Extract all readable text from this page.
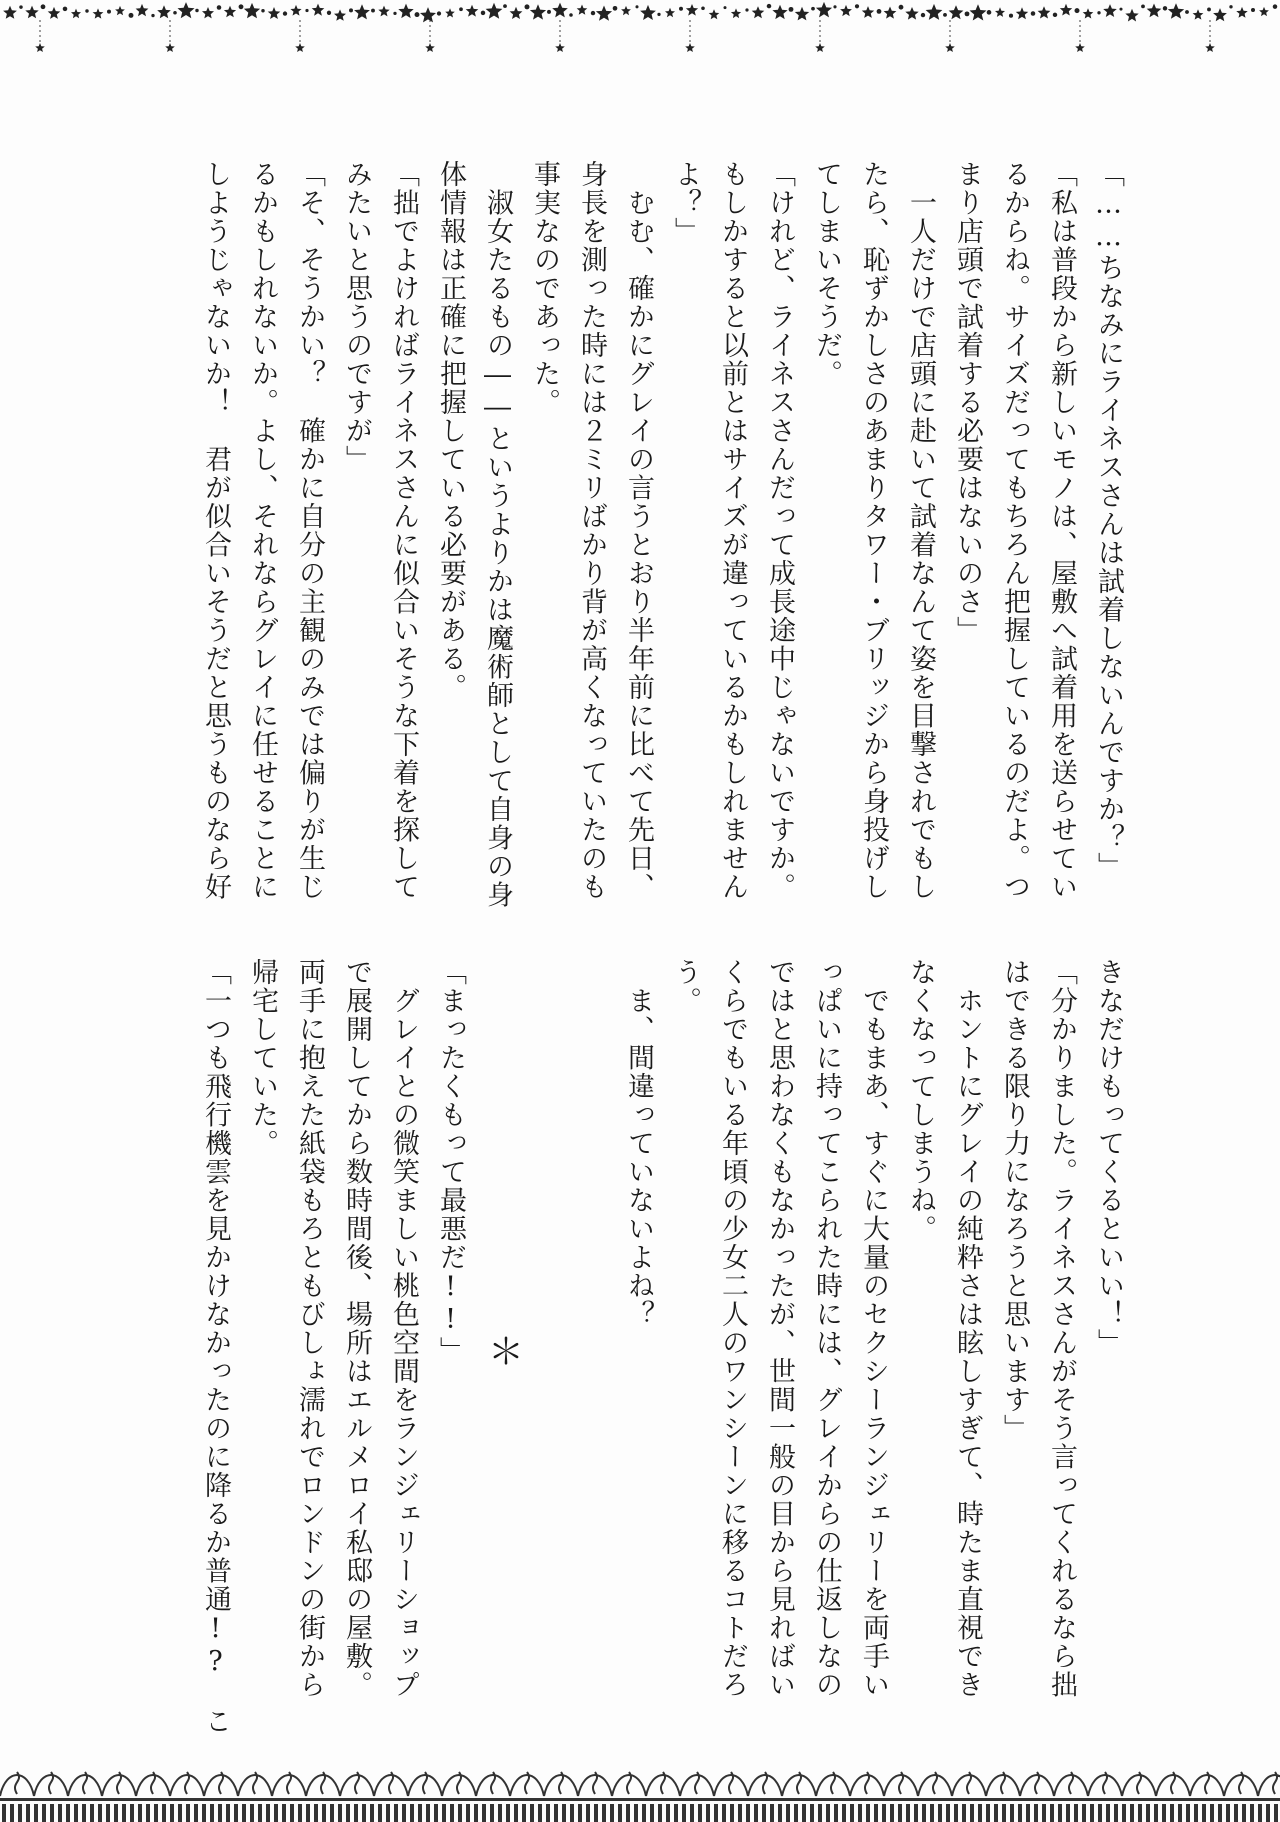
「……ちなみにライネスさんは試着しないんですか？」
「私は普段から新しいモノは、屋敷へ試着用を送らせてい
るからね。サイズだってもちろん把握しているのだよ。つ
まり店頭で試着する必要はないのさ」
　一人だけで店頭に赴いて試着なんて姿を目撃されでもし
たら、恥ずかしさのあまりタワー・ブリッジから身投げし
てしまいそうだ。
「けれど、ライネスさんだって成長途中じゃないですか。
もしかすると以前とはサイズが違っているかもしれません
よ？」
　むむ、確かにグレイの言うとおり半年前に比べて先日、
身長を測った時には２ミリばかり背が高くなっていたのも
事実なのであった。
　淑女たるもの――というよりかは魔術師として自身の身
体情報は正確に把握している必要がある。
「拙でよければライネスさんに似合いそうな下着を探して
みたいと思うのですが」
「そ、そうかい？　確かに自分の主観のみでは偏りが生じ
るかもしれないか。よし、それならグレイに任せることに
しようじゃないか！　君が似合いそうだと思うものなら好
きなだけもってくるといい！」
「分かりました。ライネスさんがそう言ってくれるなら拙
はできる限り力になろうと思います」
　ホントにグレイの純粋さは眩しすぎて、時たま直視でき
なくなってしまうね。
　でもまあ、すぐに大量のセクシーランジェリーを両手い
っぱいに持ってこられた時には、グレイからの仕返しなの
ではと思わなくもなかったが、世間一般の目から見ればい
くらでもいる年頃の少女二人のワンシーンに移るコトだろ
う。
　ま、間違っていないよね？

「まったくもって最悪だ!!」
　グレイとの微笑ましい桃色空間をランジェリーショップ
で展開してから数時間後、場所はエルメロイ私邸の屋敷。
両手に抱えた紙袋もろともびしょ濡れでロンドンの街から
帰宅していた。
「一つも飛行機雲を見かけなかったのに降るか普通!?　こ	＊
